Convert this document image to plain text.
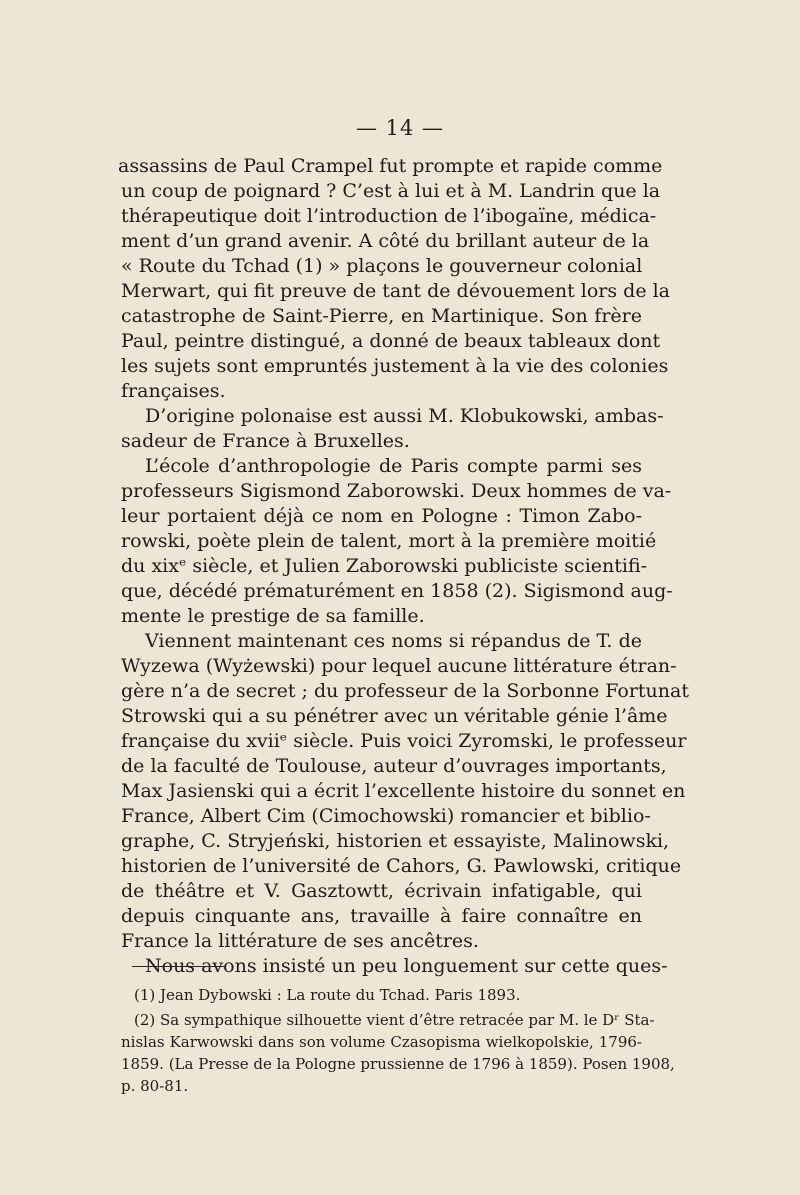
— 14 —
assassins de Paul Crampel fut prompte et rapide comme
un coup de poignard ? C’est à lui et à M. Landrin que la
thérapeutique doit l’introduction de l’ibogaïne, médica-
ment d’un grand avenir. A côté du brillant auteur de la
« Route du Tchad (1) » plaçons le gouverneur colonial
Merwart, qui fit preuve de tant de dévouement lors de la
catastrophe de Saint-Pierre, en Martinique. Son frère
Paul, peintre distingué, a donné de beaux tableaux dont
les sujets sont empruntés justement à la vie des colonies
françaises.
D’origine polonaise est aussi M. Klobukowski, ambas-
sadeur de France à Bruxelles.
L’école d’anthropologie de Paris compte parmi ses
professeurs Sigismond Zaborowski. Deux hommes de va-
leur portaient déjà ce nom en Pologne : Timon Zabo-
rowski, poète plein de talent, mort à la première moitié
du xixᵉ siècle, et Julien Zaborowski publiciste scientifi-
que, décédé prématurément en 1858 (2). Sigismond aug-
mente le prestige de sa famille.
Viennent maintenant ces noms si répandus de T. de
Wyzewa (Wyżewski) pour lequel aucune littérature étran-
gère n’a de secret ; du professeur de la Sorbonne Fortunat
Strowski qui a su pénétrer avec un véritable génie l’âme
française du xviiᵉ siècle. Puis voici Zyromski, le professeur
de la faculté de Toulouse, auteur d’ouvrages importants,
Max Jasienski qui a écrit l’excellente histoire du sonnet en
France, Albert Cim (Cimochowski) romancier et biblio-
graphe, C. Stryjeński, historien et essayiste, Malinowski,
historien de l’université de Cahors, G. Pawlowski, critique
de théâtre et V. Gasztowtt, écrivain infatigable, qui
depuis cinquante ans, travaille à faire connaître en
France la littérature de ses ancêtres.
Nous avons insisté un peu longuement sur cette ques-
(1) Jean Dybowski : La route du Tchad. Paris 1893.
(2) Sa sympathique silhouette vient d’être retracée par M. le Dʳ Sta-
nislas Karwowski dans son volume Czasopisma wielkopolskie, 1796-
1859. (La Presse de la Pologne prussienne de 1796 à 1859). Posen 1908,
p. 80-81.
